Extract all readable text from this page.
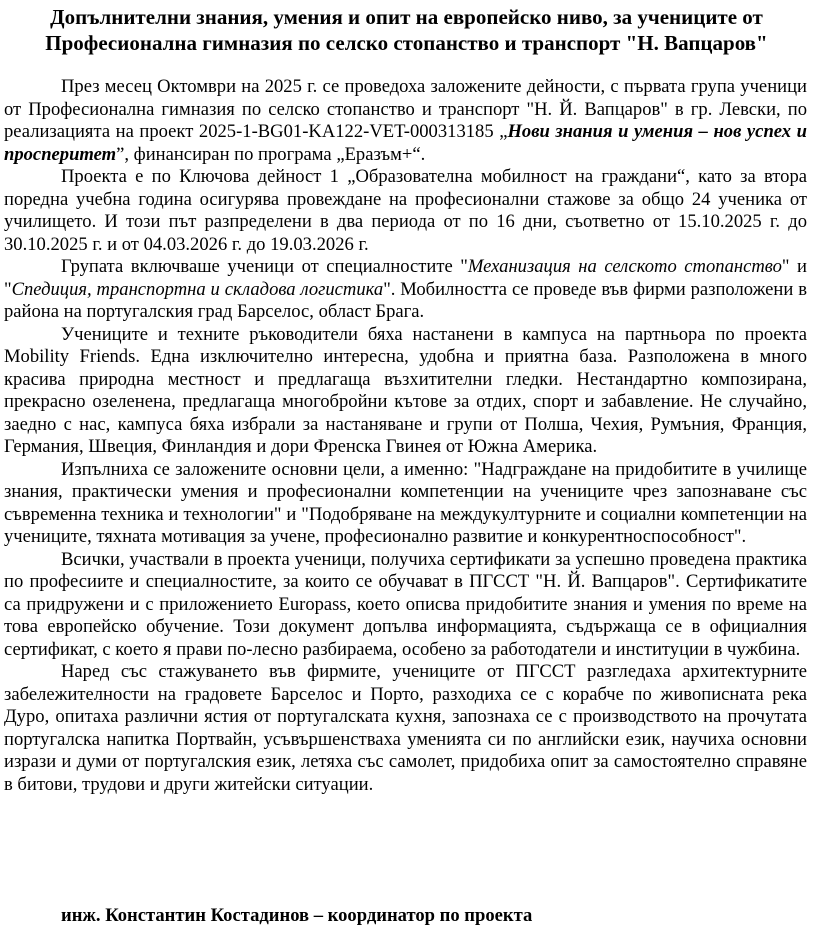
Допълнителни знания, умения и опит на европейско ниво, за учениците от
Професионална гимназия по селско стопанство и транспорт "Н. Вапцаров"

През месец Октомври на 2025 г. се проведоха заложените дейности, с първата група ученици от Професионална гимназия по селско стопанство и транспорт "Н. Й. Вапцаров" в гр. Левски, по реализацията на проект 2025-1-BG01-KA122-VET-000313185 „Нови знания и умения – нов успех и просперитет”, финансиран по програма „Еразъм+“.

Проекта е по Ключова дейност 1 „Образователна мобилност на граждани“, като за втора поредна учебна година осигурява провеждане на професионални стажове за общо 24 ученика от училището. И този път разпределени в два периода от по 16 дни, съответно от 15.10.2025 г. до 30.10.2025 г. и от 04.03.2026 г. до 19.03.2026 г.

Групата включваше ученици от специалностите "Механизация на селското стопанство" и "Спедиция, транспортна и складова логистика". Мобилността се проведе във фирми разположени в района на португалския град Барселос, област Брага.

Учениците и техните ръководители бяха настанени в кампуса на партньора по проекта Mobility Friends. Една изключително интересна, удобна и приятна база. Разположена в много красива природна местност и предлагаща възхитителни гледки. Нестандартно композирана, прекрасно озеленена, предлагаща многобройни кътове за отдих, спорт и забавление. Не случайно, заедно с нас, кампуса бяха избрали за настаняване и групи от Полша, Чехия, Румъния, Франция, Германия, Швеция, Финландия и дори Френска Гвинея от Южна Америка.

Изпълниха се заложените основни цели, а именно: "Надграждане на придобитите в училище знания, практически умения и професионални компетенции на учениците чрез запознаване със съвременна техника и технологии" и "Подобряване на междукултурните и социални компетенции на учениците, тяхната мотивация за учене, професионално развитие и конкурентноспособност".

Всички, участвали в проекта ученици, получиха сертификати за успешно проведена практика по професиите и специалностите, за които се обучават в ПГССТ "Н. Й. Вапцаров". Сертификатите са придружени и с приложението Europass, което описва придобитите знания и умения по време на това европейско обучение. Този документ допълва информацията, съдържаща се в официалния сертификат, с което я прави по-лесно разбираема, особено за работодатели и институции в чужбина.

Наред със стажуването във фирмите, учениците от ПГССТ разгледаха архитектурните забележителности на градовете Барселос и Порто, разходиха се с корабче по живописната река Дуро, опитаха различни ястия от португалската кухня, запознаха се с производството на прочутата португалска напитка Портвайн, усъвършенстваха уменията си по английски език, научиха основни изрази и думи от португалския език, летяха със самолет, придобиха опит за самостоятелно справяне в битови, трудови и други житейски ситуации.

инж. Константин Костадинов – координатор по проекта
